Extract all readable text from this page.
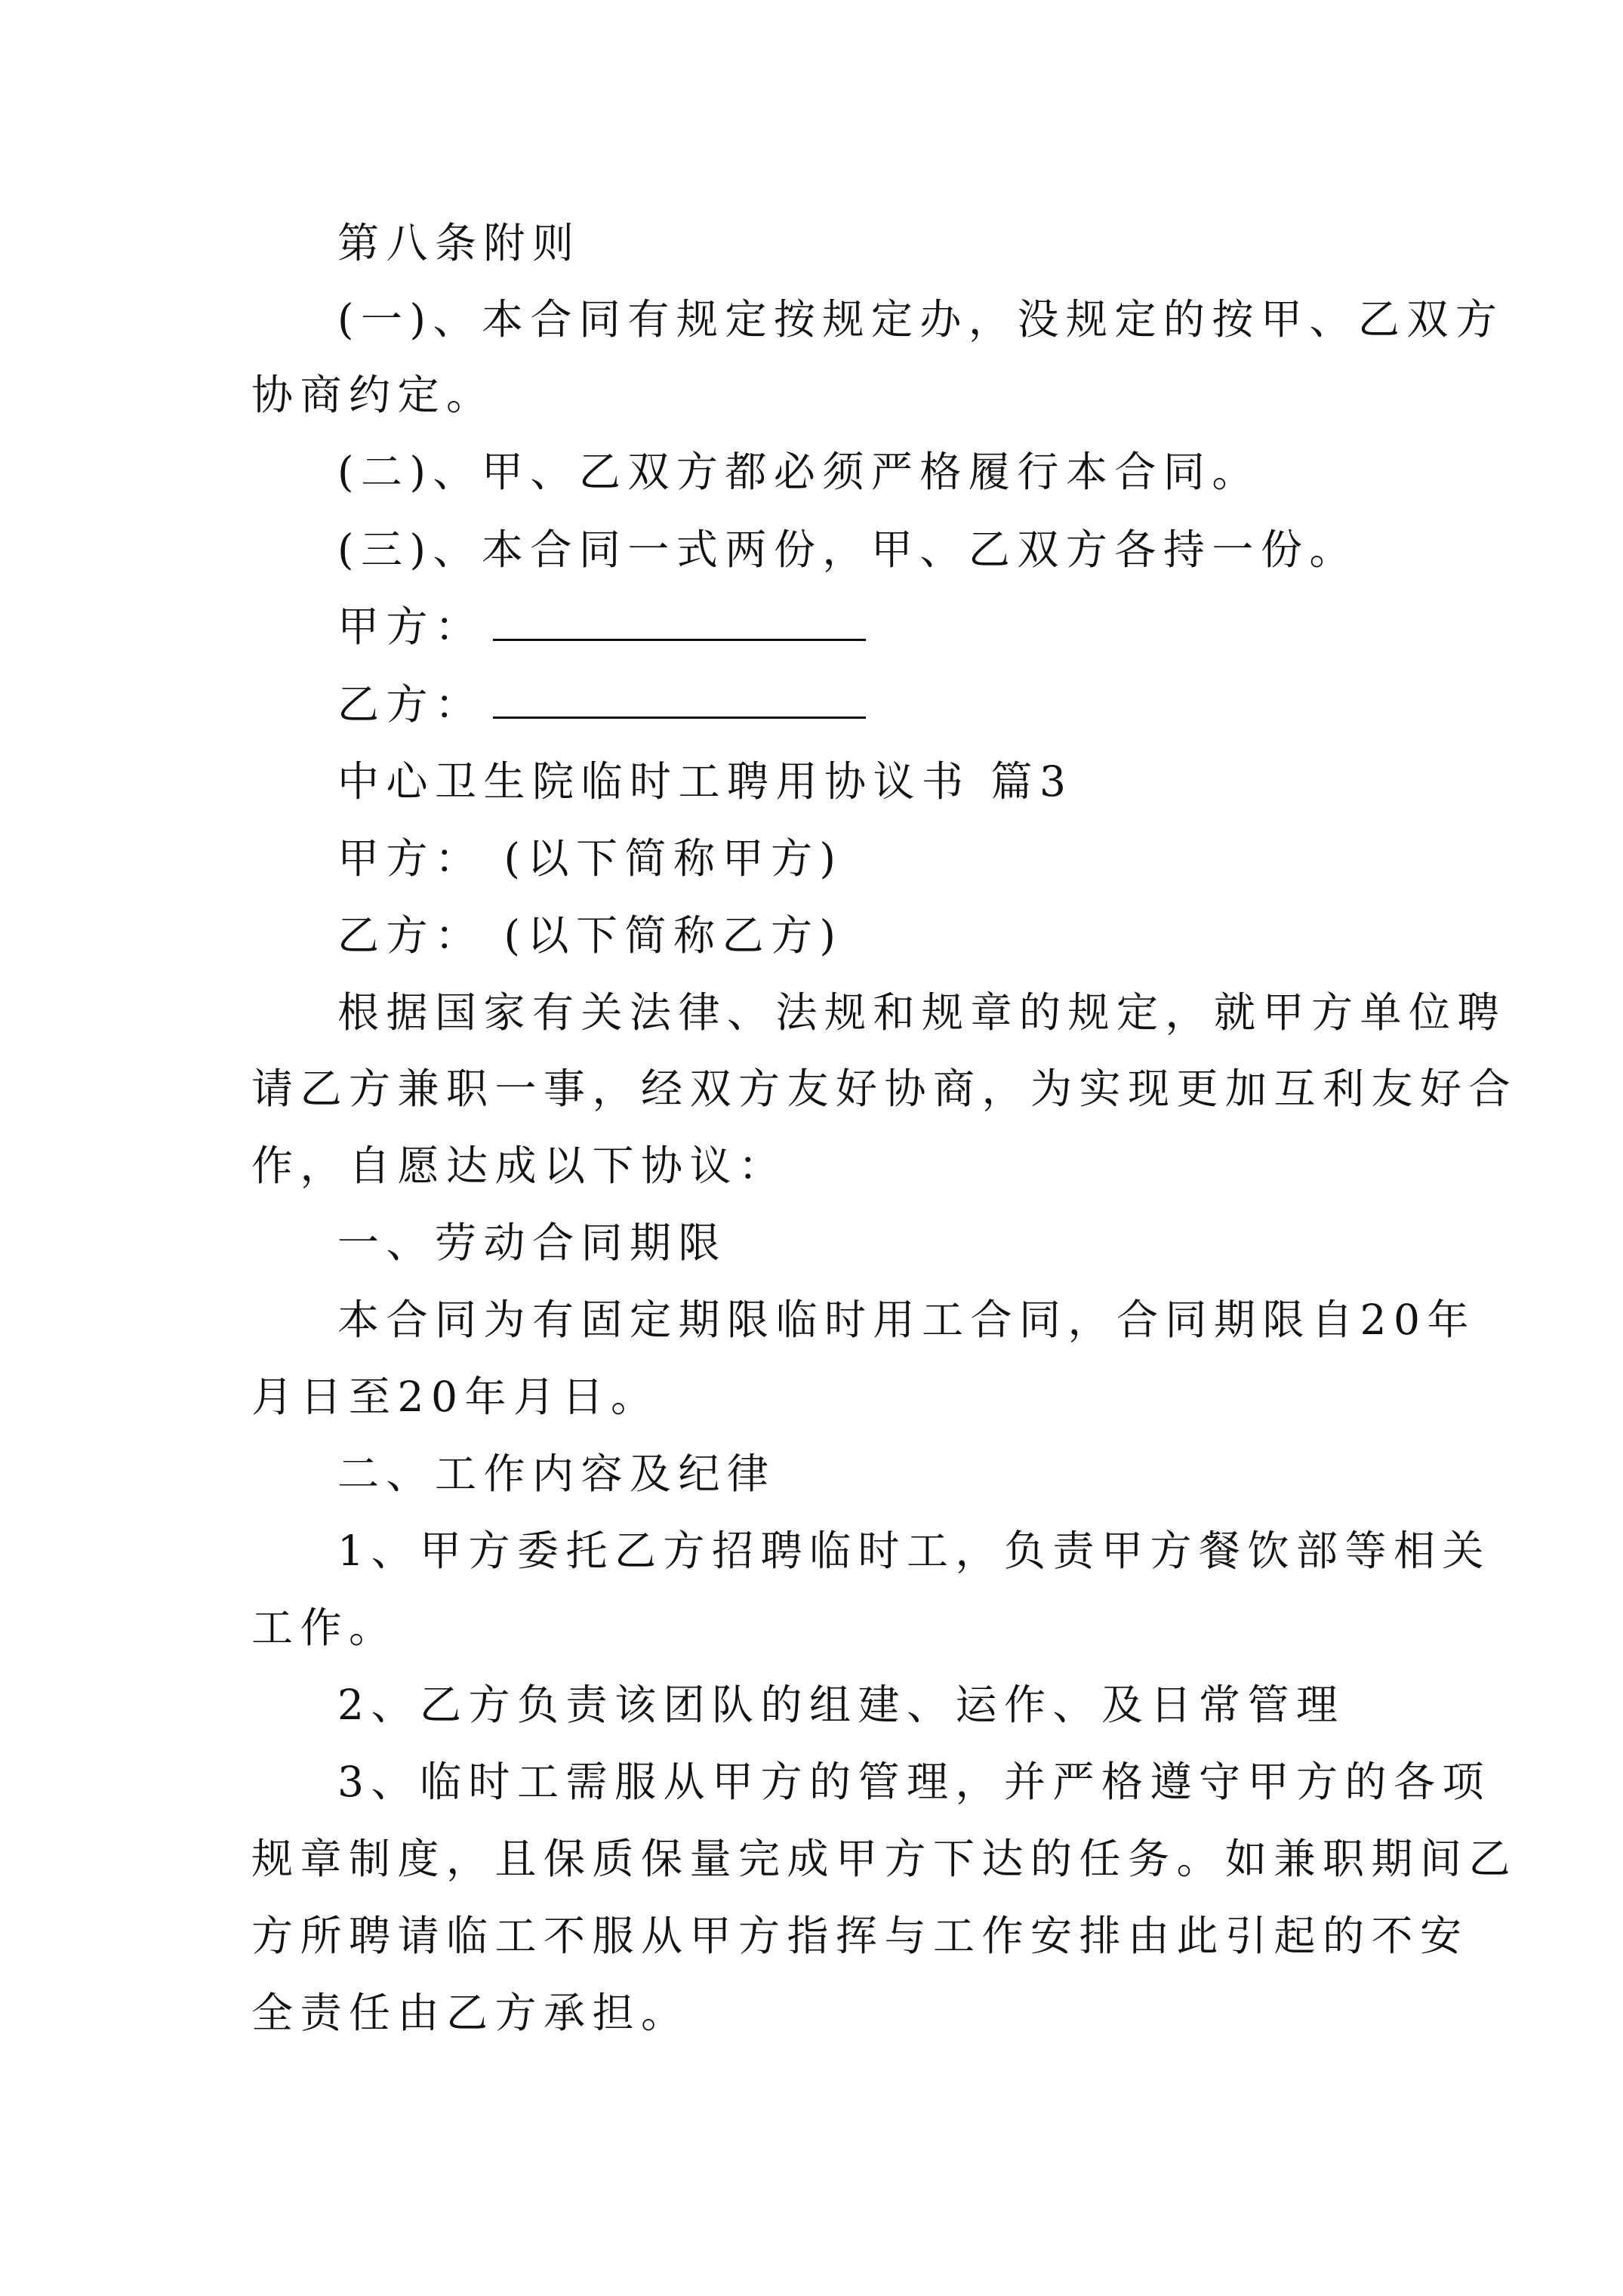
第八条附则
(一)、本合同有规定按规定办，没规定的按甲、乙双方
协商约定。
(二)、甲、乙双方都必须严格履行本合同。
(三)、本合同一式两份，甲、乙双方各持一份。
甲方：
乙方：
中心卫生院临时工聘用协议书 篇3
甲方： (以下简称甲方)
乙方： (以下简称乙方)
根据国家有关法律、法规和规章的规定，就甲方单位聘
请乙方兼职一事，经双方友好协商，为实现更加互利友好合
作，自愿达成以下协议：
一、劳动合同期限
本合同为有固定期限临时用工合同，合同期限自20年
月日至20年月日。
二、工作内容及纪律
1、甲方委托乙方招聘临时工，负责甲方餐饮部等相关
工作。
2、乙方负责该团队的组建、运作、及日常管理
3、临时工需服从甲方的管理，并严格遵守甲方的各项
规章制度，且保质保量完成甲方下达的任务。如兼职期间乙
方所聘请临工不服从甲方指挥与工作安排由此引起的不安
全责任由乙方承担。
